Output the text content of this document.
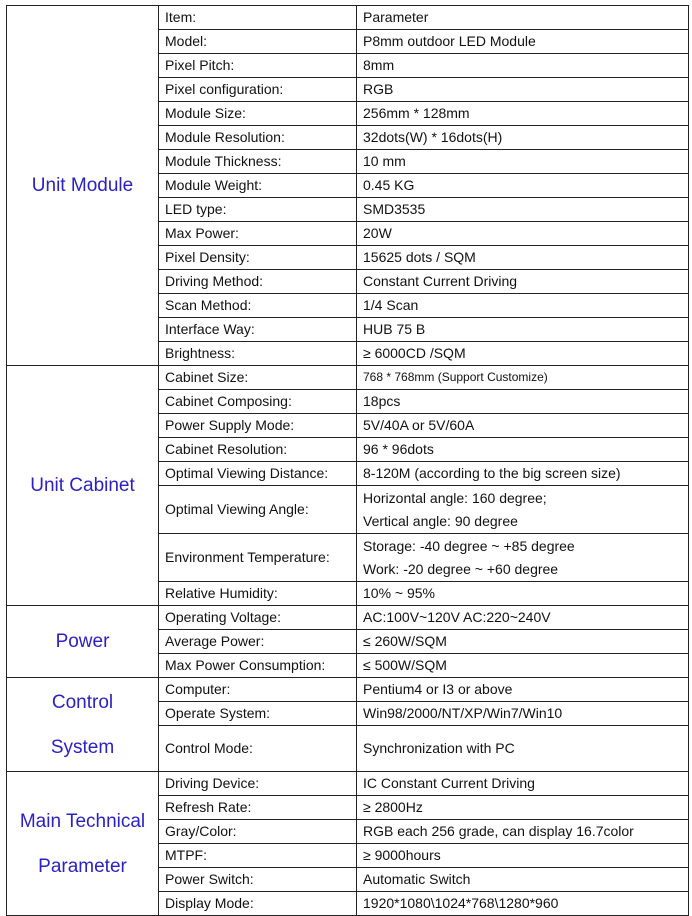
Unit Module	Item:	Parameter

	Model:	P8mm outdoor LED Module

	Pixel Pitch:	8mm

	Pixel configuration:	RGB

	Module Size:	256mm * 128mm

	Module Resolution:	32dots(W) * 16dots(H)

	Module Thickness:	10 mm

	Module Weight:	0.45 KG

	LED type:	SMD3535

	Max Power:	20W

	Pixel Density:	15625 dots / SQM

	Driving Method:	Constant Current Driving

	Scan Method:	1/4 Scan

	Interface Way:	HUB 75 B

	Brightness:	≥ 6000CD /SQM

Unit Cabinet	Cabinet Size:	768 * 768mm (Support Customize)

	Cabinet Composing:	18pcs

	Power Supply Mode:	5V/40A or 5V/60A

	Cabinet Resolution:	96 * 96dots

	Optimal Viewing Distance:	8-120M (according to the big screen size)

	Optimal Viewing Angle:	Horizontal angle: 160 degree;
Vertical angle: 90 degree

	Environment Temperature:	Storage: -40 degree ~ +85 degree
Work: -20 degree ~ +60 degree

	Relative Humidity:	10% ~ 95%

Power	Operating Voltage:	AC:100V~120V AC:220~240V

	Average Power:	≤ 260W/SQM

	Max Power Consumption:	≤ 500W/SQM

Control
System	Computer:	Pentium4 or I3 or above

	Operate System:	Win98/2000/NT/XP/Win7/Win10

	Control Mode:	Synchronization with PC

Main Technical
Parameter	Driving Device:	IC Constant Current Driving

	Refresh Rate:	≥ 2800Hz

	Gray/Color:	RGB each 256 grade, can display 16.7color

	MTPF:	≥ 9000hours

	Power Switch:	Automatic Switch

	Display Mode:	1920*1080\1024*768\1280*960
